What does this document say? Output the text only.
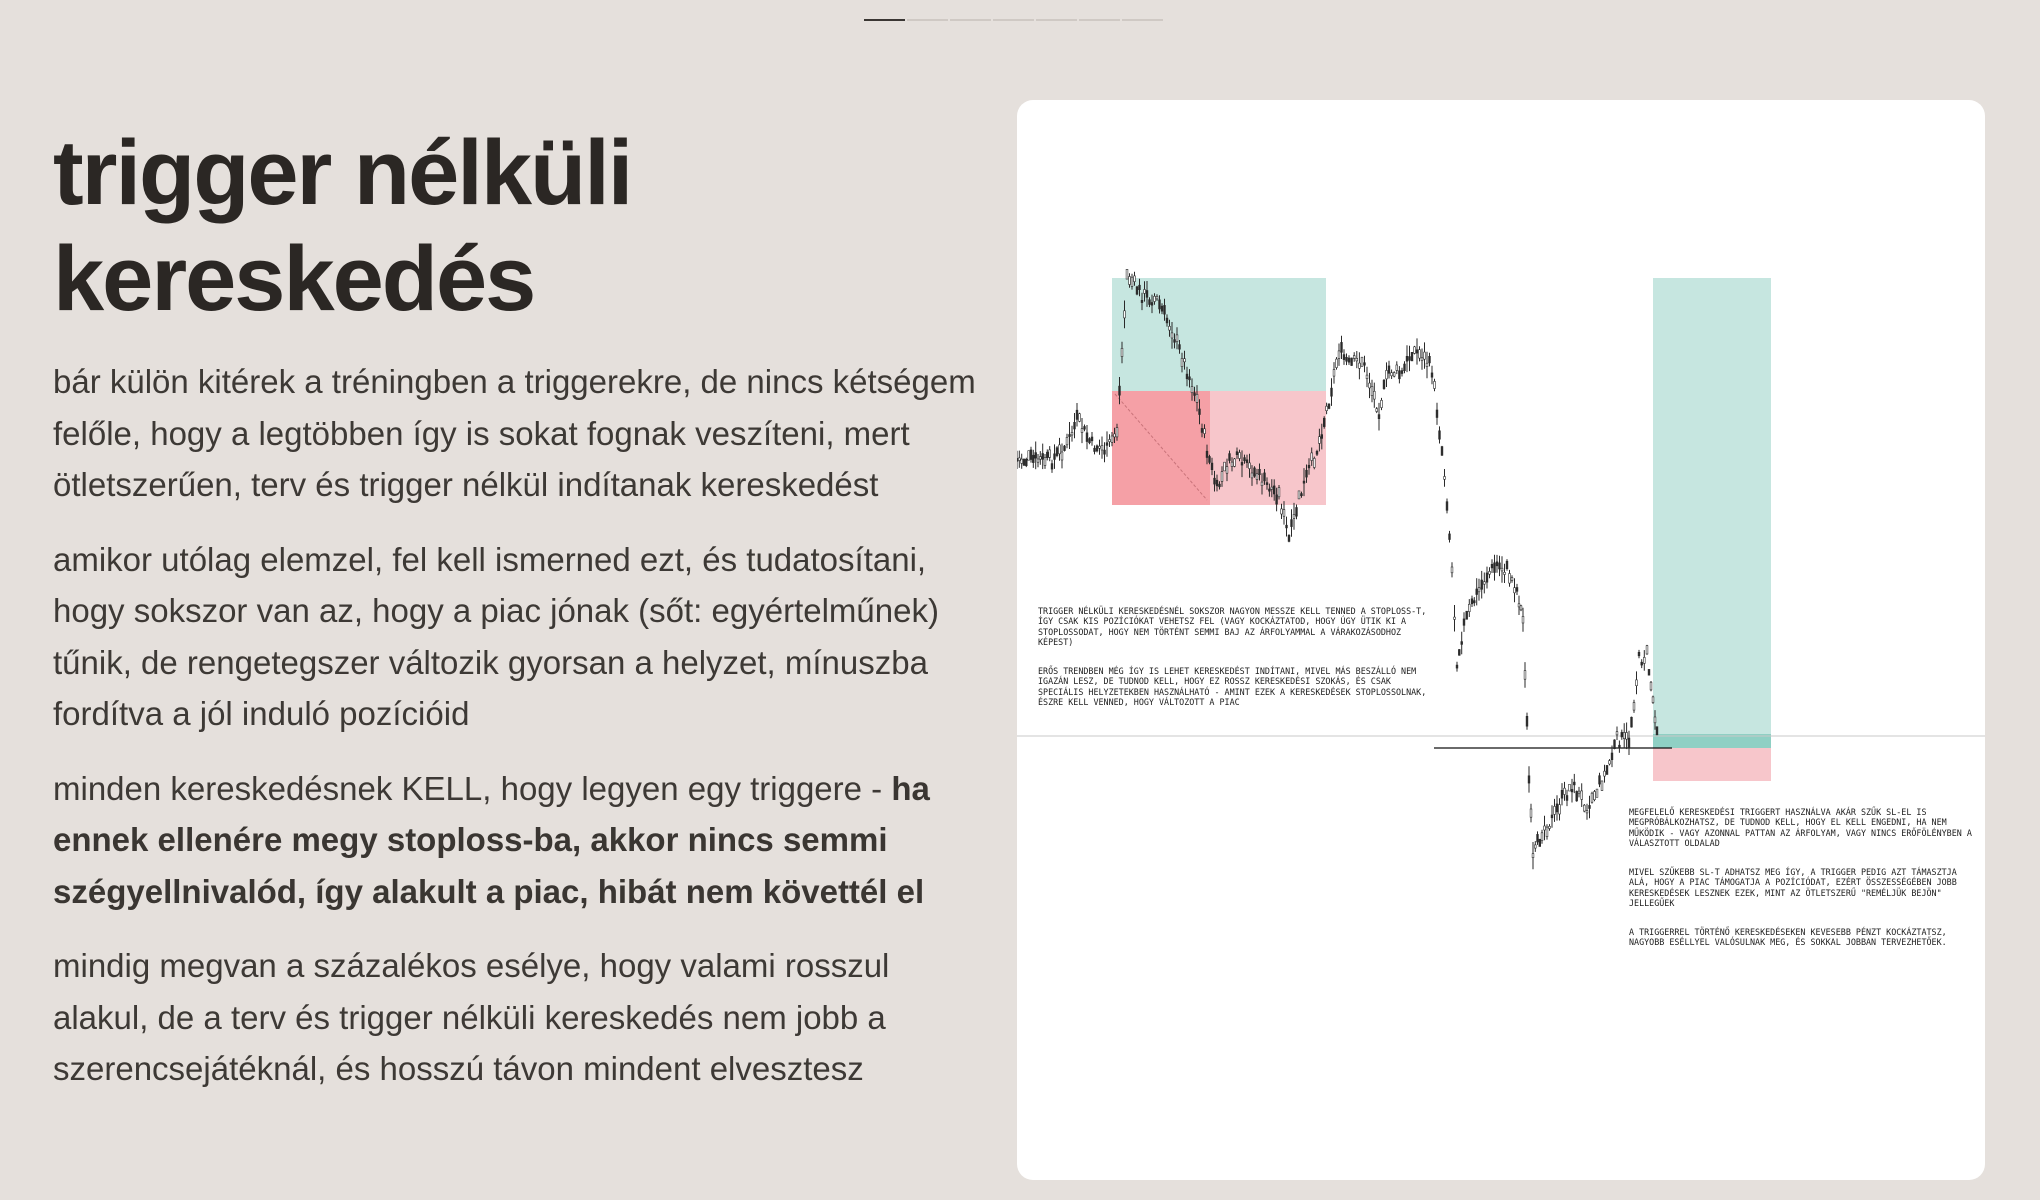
trigger nélküli
kereskedés

bár külön kitérek a tréningben a triggerekre, de nincs kétségem felőle, hogy a legtöbben így is sokat fognak veszíteni, mert ötletszerűen, terv és trigger nélkül indítanak kereskedést

amikor utólag elemzel, fel kell ismerned ezt, és tudatosítani, hogy sokszor van az, hogy a piac jónak (sőt: egyértelműnek) tűnik, de rengetegszer változik gyorsan a helyzet, mínuszba fordítva a jól induló pozícióid

minden kereskedésnek KELL, hogy legyen egy triggere - ha ennek ellenére megy stoploss-ba, akkor nincs semmi szégyellnivalód, így alakult a piac, hibát nem követtél el

mindig megvan a százalékos esélye, hogy valami rosszul alakul, de a terv és trigger nélküli kereskedés nem jobb a szerencsejátéknál, és hosszú távon mindent elvesztesz

TRIGGER NÉLKÜLI KERESKEDÉSNÉL SOKSZOR NAGYON MESSZE KELL TENNED A STOPLOSS-T, ÍGY CSAK KIS POZÍCIÓKAT VEHETSZ FEL (VAGY KOCKÁZTATOD, HOGY ÚGY ÜTIK KI A STOPLOSSODAT, HOGY NEM TÖRTÉNT SEMMI BAJ AZ ÁRFOLYAMMAL A VÁRAKOZÁSODHOZ KÉPEST)

ERŐS TRENDBEN MÉG ÍGY IS LEHET KERESKEDÉST INDÍTANI, MIVEL MÁS BESZÁLLÓ NEM IGAZÁN LESZ, DE TUDNOD KELL, HOGY EZ ROSSZ KERESKEDÉSI SZOKÁS, ÉS CSAK SPECIÁLIS HELYZETEKBEN HASZNÁLHATÓ - AMINT EZEK A KERESKEDÉSEK STOPLOSSOLNAK, ÉSZRE KELL VENNED, HOGY VÁLTOZOTT A PIAC

MEGFELELŐ KERESKEDÉSI TRIGGERT HASZNÁLVA AKÁR SZŰK SL-EL IS MEGPRÓBÁLKOZHATSZ, DE TUDNOD KELL, HOGY EL KELL ENGEDNI, HA NEM MŰKÖDIK - VAGY AZONNAL PATTAN AZ ÁRFOLYAM, VAGY NINCS ERŐFÖLÉNYBEN A VÁLASZTOTT OLDALAD

MIVEL SZŰKEBB SL-T ADHATSZ MEG ÍGY, A TRIGGER PEDIG AZT TÁMASZTJA ALÁ, HOGY A PIAC TÁMOGATJA A POZÍCIÓDAT, EZÉRT ÖSSZESSÉGÉBEN JOBB KERESKEDÉSEK LESZNEK EZEK, MINT AZ ÖTLETSZERŰ "REMÉLJÜK BEJÖN" JELLEGŰEK

A TRIGGERREL TÖRTÉNŐ KERESKEDÉSEKEN KEVESEBB PÉNZT KOCKÁZTATSZ, NAGYOBB ESÉLLYEL VALÓSULNAK MEG, ÉS SOKKAL JOBBAN TERVEZHETŐEK.
